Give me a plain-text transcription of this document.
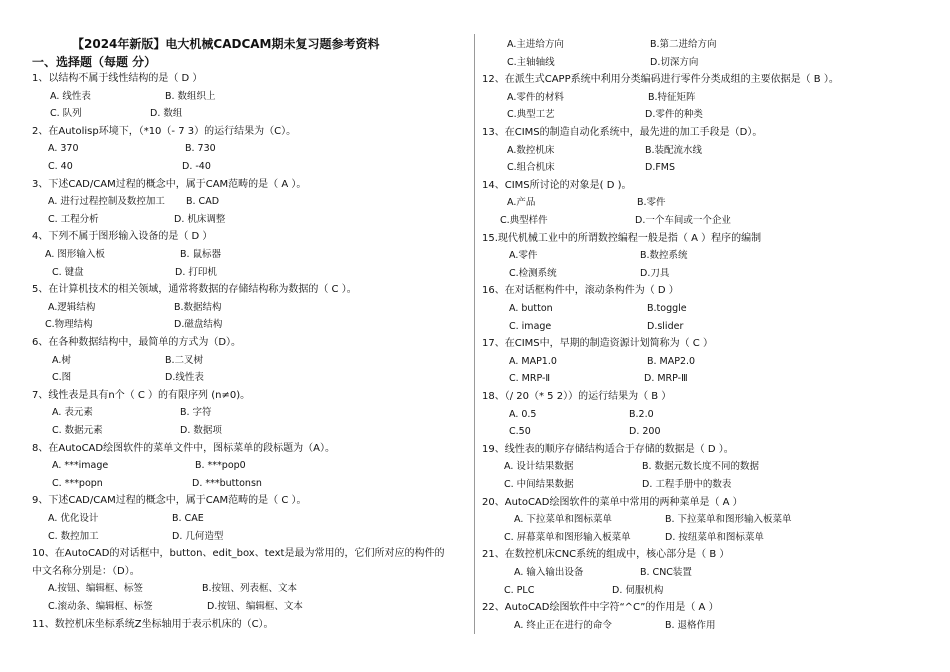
【2024年新版】电大机械CADCAM期未复习题参考资料
一、选择题（每题 分）
1、以结构不属于线性结构的是（ D ）
A. 线性表	B. 数组织上
C. 队列	D. 数组
2、在Autolisp环境下，（*10（- 7 3）的运行结果为（C）。
A. 370	B. 730
C. 40	D. -40
3、下述CAD/CAM过程的概念中，属于CAM范畴的是（ A ）。
A. 进行过程控制及数控加工 B. CAD
C. 工程分析	D. 机床调整
4、下列不属于图形输入设备的是（ D ）
A. 图形输入板	B. 鼠标器
C. 键盘	D. 打印机
5、在计算机技术的相关领域，通常将数据的存储结构称为数据的（ C ）。
A.逻辑结构	B.数据结构
C.物理结构	D.磁盘结构
6、在各种数据结构中，最简单的方式为（D）。
A.树	B.二叉树
C.图	D.线性表
7、线性表是具有n个（ C ）的有限序列 (n≠0)。
A. 表元素	B. 字符
C. 数据元素	D. 数据项
8、在AutoCAD绘图软件的菜单文件中，图标菜单的段标题为（A）。
A. ***image	B. ***pop0
C. ***popn	D. ***buttonsn
9、下述CAD/CAM过程的概念中，属于CAM范畴的是（ C ）。
A. 优化设计	B. CAE
C. 数控加工	D. 几何造型
10、在AutoCAD的对话框中，button、edit_box、text是最为常用的，它们所对应的构件的
中文名称分别是：（D）。
A.按钮、编辑框、标签	B.按钮、列表框、文本
C.滚动条、编辑框、标签	D.按钮、编辑框、文本
11、数控机床坐标系统Z坐标轴用于表示机床的（C）。
A.主进给方向	B.第二进给方向
C.主轴轴线	D.切深方向
12、在派生式CAPP系统中利用分类编码进行零件分类成组的主要依据是（ B ）。
A.零件的材料	B.特征矩阵
C.典型工艺	D.零件的种类
13、在CIMS的制造自动化系统中，最先进的加工手段是（D）。
A.数控机床	B.装配流水线
C.组合机床	D.FMS
14、CIMS所讨论的对象是( D )。
A.产品	B.零件
C.典型样件	D.一个车间或一个企业
15.现代机械工业中的所谓数控编程一般是指（ A ）程序的编制
A.零件	B.数控系统
C.检测系统	D.刀具
16、在对话框构件中，滚动条构件为（ D ）
A. button	B.toggle
C. image	D.slider
17、在CIMS中，早期的制造资源计划简称为（ C ）
A. MAP1.0	B. MAP2.0
C. MRP-Ⅱ	D. MRP-Ⅲ
18、（/ 20（* 5 2））的运行结果为（ B ）
A. 0.5	B.2.0
C.50	D. 200
19、线性表的顺序存储结构适合于存储的数据是（ D ）。
A. 设计结果数据	B. 数据元数长度不同的数据
C. 中间结果数据	D. 工程手册中的数表
20、AutoCAD绘图软件的菜单中常用的两种菜单是（ A ）
A. 下拉菜单和图标菜单	B. 下拉菜单和图形输入板菜单
C. 屏幕菜单和图形输入板菜单	D. 按纽菜单和图标菜单
21、在数控机床CNC系统的组成中，核心部分是（ B ）
A. 输入输出设备	B. CNC装置
C. PLC	D. 伺服机构
22、AutoCAD绘图软件中字符“^C”的作用是（ A ）
A. 终止正在进行的命令	B. 退格作用
